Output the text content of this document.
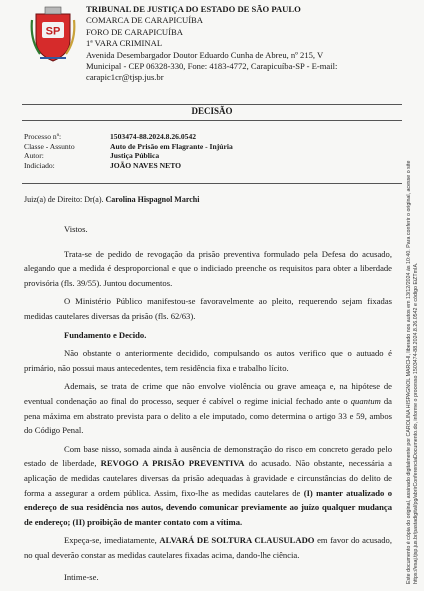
SP
TRIBUNAL DE JUSTIÇA DO ESTADO DE SÃO PAULO
COMARCA DE CARAPICUÍBA
FORO DE CARAPICUÍBA
1ª VARA CRIMINAL
Avenida Desembargador Doutor Eduardo Cunha de Abreu, nº 215, V
Municipal - CEP 06328-330, Fone: 4183-4772, Carapicuíba-SP - E-mail:
carapic1cr@tjsp.jus.br
DECISÃO
Processo nº:	1503474-88.2024.8.26.0542
Classe - Assunto	Auto de Prisão em Flagrante - Injúria
Autor:	Justiça Pública
Indiciado:	JOÃO NAVES NETO
Juiz(a) de Direito: Dr(a). Carolina Hispagnol Marchi

Vistos.

Trata-se de pedido de revogação da prisão preventiva formulado pela Defesa do acusado, alegando que a medida é desproporcional e que o indiciado preenche os requisitos para obter a liberdade provisória (fls. 39/55). Juntou documentos.

O Ministério Público manifestou-se favoravelmente ao pleito, requerendo sejam fixadas medidas cautelares diversas da prisão (fls. 62/63).

Fundamento e Decido.

Não obstante o anteriormente decidido, compulsando os autos verifico que o autuado é primário, não possui maus antecedentes, tem residência fixa e trabalho lícito.

Ademais, se trata de crime que não envolve violência ou grave ameaça e, na hipótese de eventual condenação ao final do processo, sequer é cabível o regime inicial fechado ante o quantum da pena máxima em abstrato prevista para o delito a ele imputado, como determina o artigo 33 e 59, ambos do Código Penal.

Com base nisso, somada ainda à ausência de demonstração do risco em concreto gerado pelo estado de liberdade, REVOGO A PRISÃO PREVENTIVA do acusado. Não obstante, necessária a aplicação de medidas cautelares diversas da prisão adequadas à gravidade e circunstâncias do delito de forma a assegurar a ordem pública. Assim, fixo-lhe as medidas cautelares de (I) manter atualizado o endereço de sua residência nos autos, devendo comunicar previamente ao juízo qualquer mudança de endereço; (II) proibição de manter contato com a vítima.

Expeça-se, imediatamente, ALVARÁ DE SOLTURA CLAUSULADO em favor do acusado, no qual deverão constar as medidas cautelares fixadas acima, dando-lhe ciência.

Intime-se.	Este documento é cópia do original, assinado digitalmente por CAROLINA HISPAGNOL MARCHI, liberado nos autos em 13/12/2024 às 10:40. Para conferir o original, acesse o site https://esaj.tjsp.jus.br/pastadigital/pg/abrirConferenciaDocumento.do, informe o processo 1503474-88.2024.8.26.0542 e código EiZTmIA.
